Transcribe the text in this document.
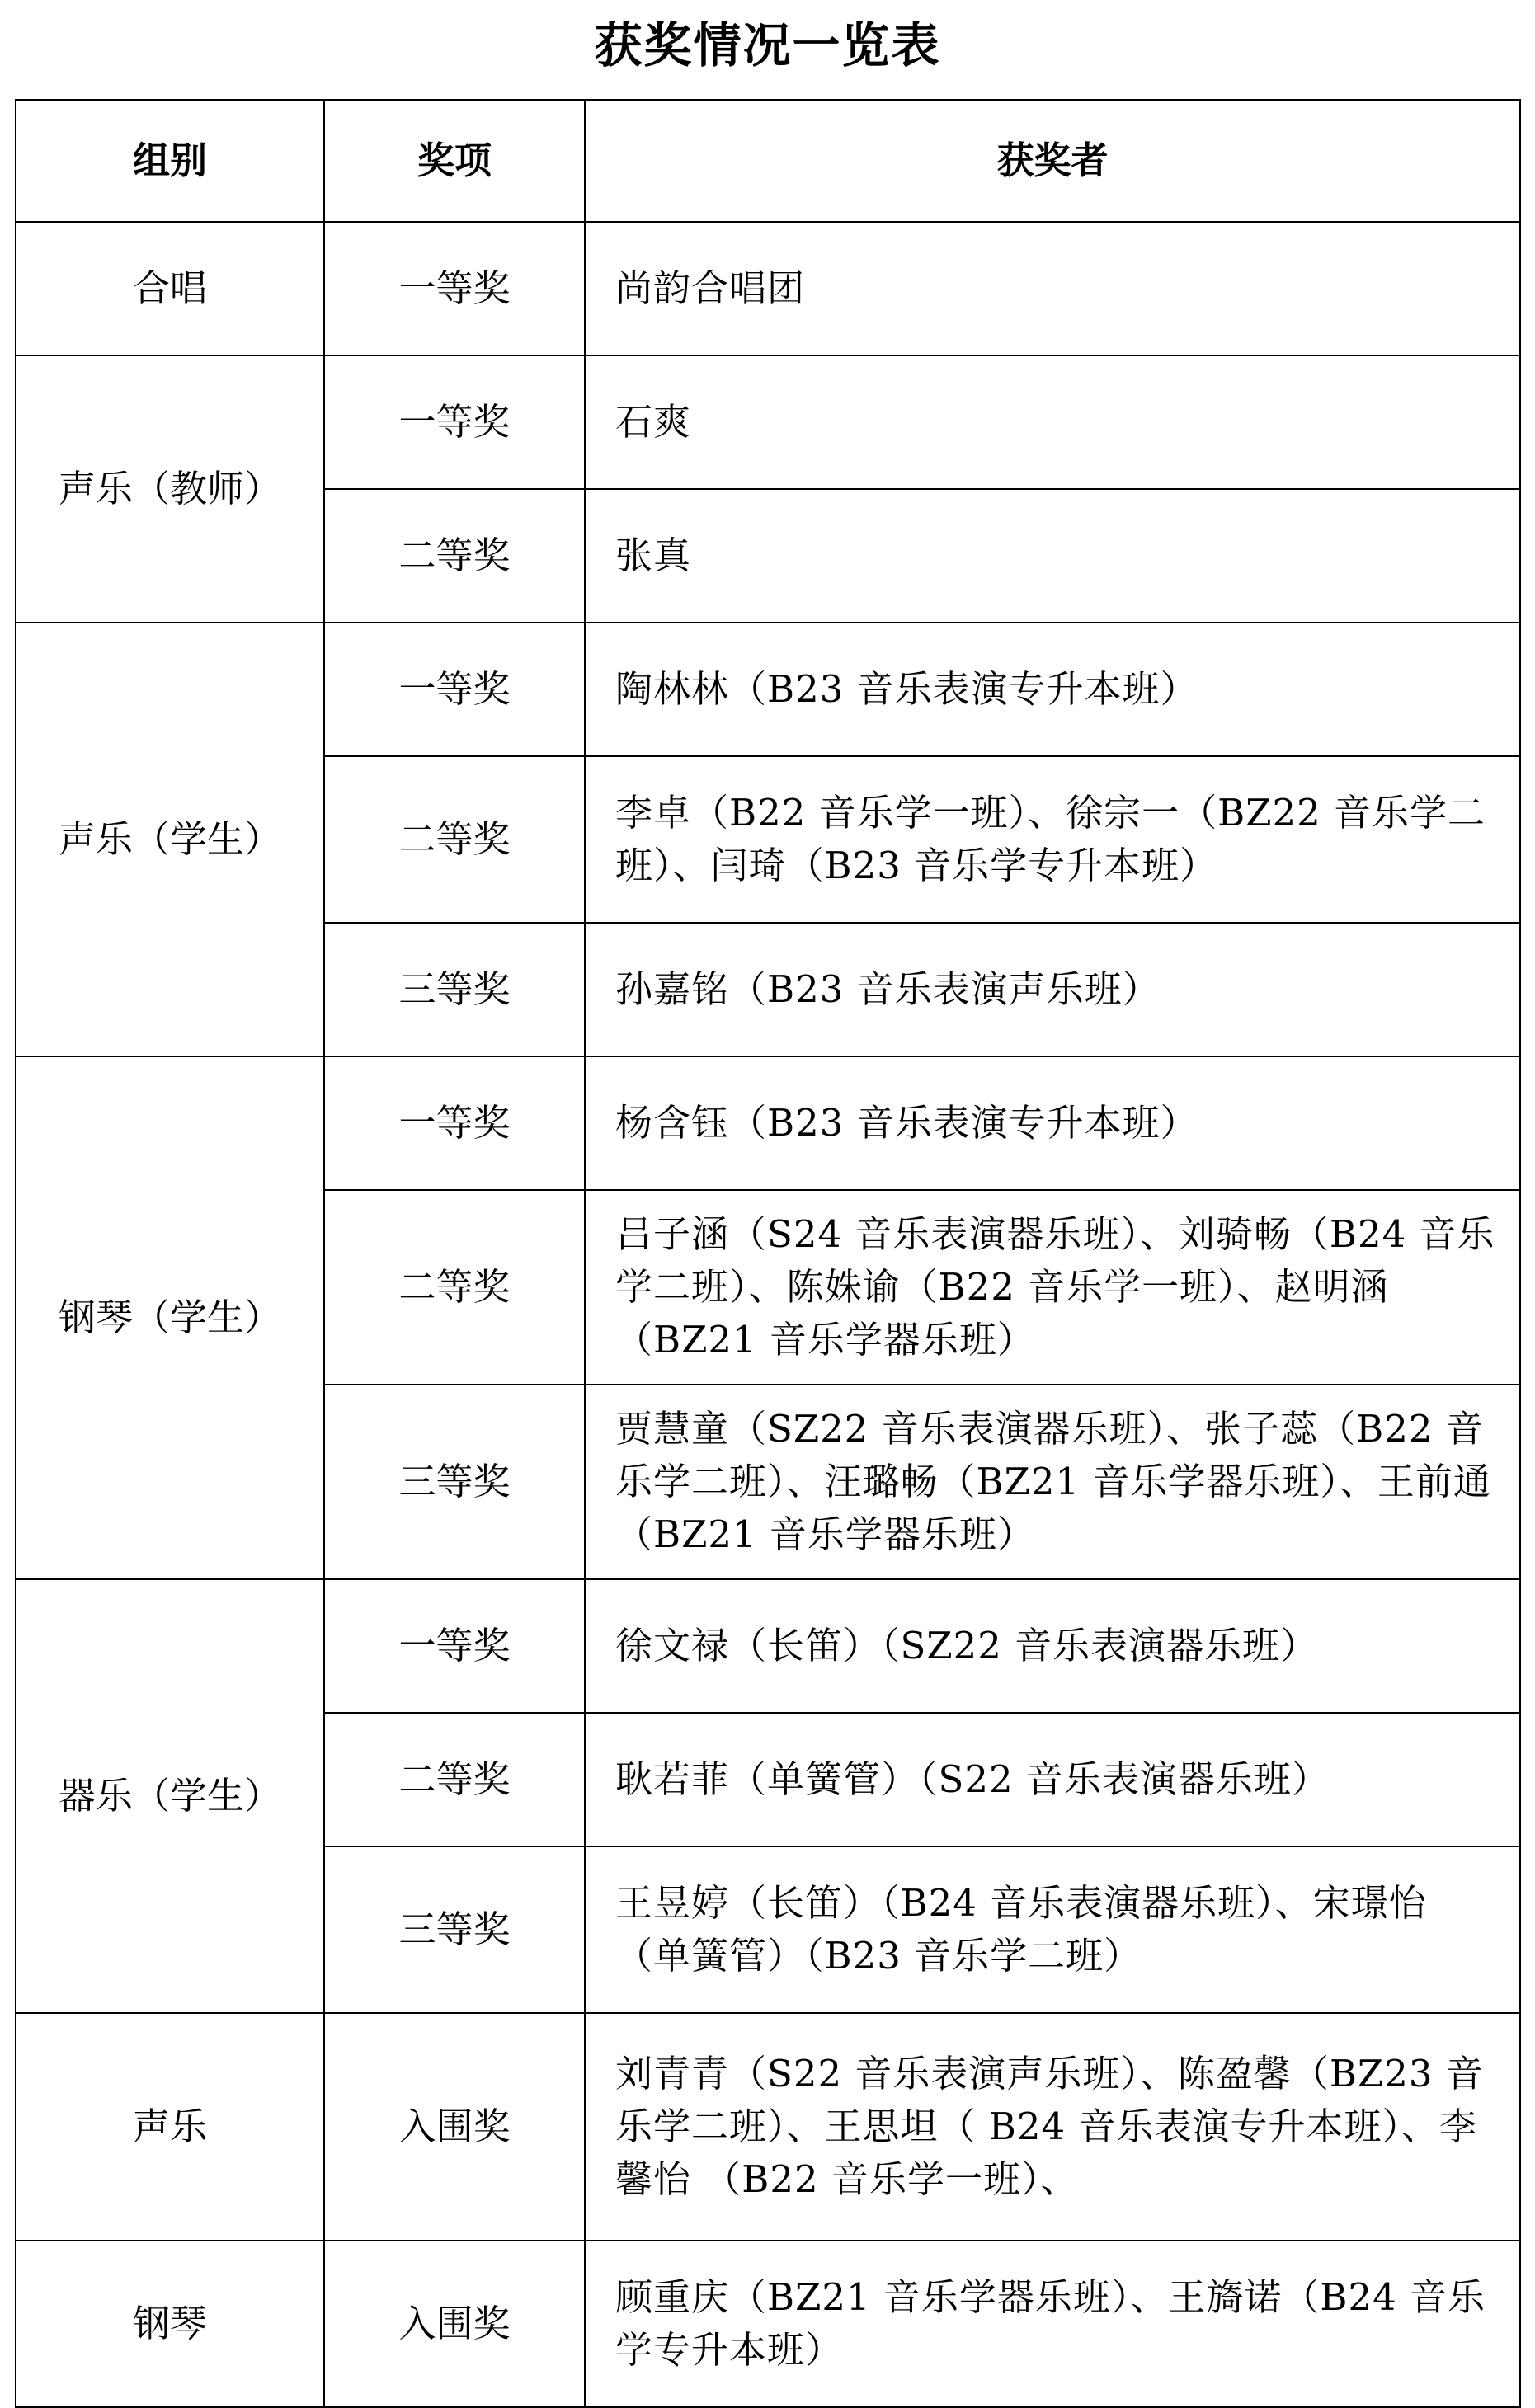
获奖情况一览表
组别	奖项	获奖者
合唱	一等奖	尚韵合唱团
声乐（教师）	一等奖	石爽
	二等奖	张真
声乐（学生）	一等奖	陶林林（B23 音乐表演专升本班）
	二等奖	李卓（B22 音乐学一班）、徐宗一（BZ22 音乐学二班）、闫琦（B23 音乐学专升本班）
	三等奖	孙嘉铭（B23 音乐表演声乐班）
钢琴（学生）	一等奖	杨含钰（B23 音乐表演专升本班）
	二等奖	吕子涵（S24 音乐表演器乐班）、刘骑畅（B24 音乐学二班）、陈姝谕（B22 音乐学一班）、赵明涵（BZ21 音乐学器乐班）
	三等奖	贾慧童（SZ22 音乐表演器乐班）、张子蕊（B22 音乐学二班）、汪璐畅（BZ21 音乐学器乐班）、王前通（BZ21 音乐学器乐班）
器乐（学生）	一等奖	徐文禄（长笛）（SZ22 音乐表演器乐班）
	二等奖	耿若菲（单簧管）（S22 音乐表演器乐班）
	三等奖	王昱婷（长笛）（B24 音乐表演器乐班）、宋璟怡（单簧管）（B23 音乐学二班）
声乐	入围奖	刘青青（S22 音乐表演声乐班）、陈盈馨（BZ23 音乐学二班）、王思坦（ B24 音乐表演专升本班）、李馨怡 （B22 音乐学一班）、
钢琴	入围奖	顾重庆（BZ21 音乐学器乐班）、王旖诺（B24 音乐学专升本班）
